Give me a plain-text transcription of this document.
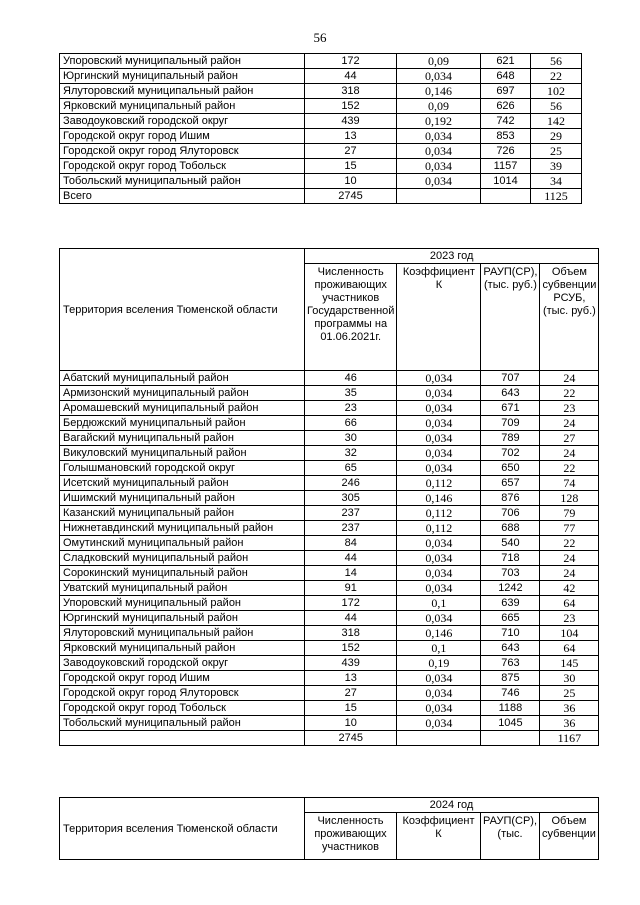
56
Упоровский муниципальный район	172	0,09	621	56
Юргинский муниципальный район	44	0,034	648	22
Ялуторовский муниципальный район	318	0,146	697	102
Ярковский муниципальный район	152	0,09	626	56
Заводоуковский городской округ	439	0,192	742	142
Городской округ город Ишим	13	0,034	853	29
Городской округ город Ялуторовск	27	0,034	726	25
Городской округ город Тобольск	15	0,034	1157	39
Тобольский муниципальный район	10	0,034	1014	34
Всего	2745			1125
Территория вселения Тюменской области	2023 год			
	Численность проживающих участников Государственной программы на 01.06.2021г.	Коэффициент К	РАУП(СР), (тыс. руб.)	Объем субвенции РСУБ, (тыс. руб.)
Абатский муниципальный район	46	0,034	707	24
Армизонский муниципальный район	35	0,034	643	22
Аромашевский муниципальный район	23	0,034	671	23
Бердюжский муниципальный район	66	0,034	709	24
Вагайский муниципальный район	30	0,034	789	27
Викуловский муниципальный район	32	0,034	702	24
Голышмановский городской округ	65	0,034	650	22
Исетский муниципальный район	246	0,112	657	74
Ишимский муниципальный район	305	0,146	876	128
Казанский муниципальный район	237	0,112	706	79
Нижнетавдинский муниципальный район	237	0,112	688	77
Омутинский муниципальный район	84	0,034	540	22
Сладковский муниципальный район	44	0,034	718	24
Сорокинский муниципальный район	14	0,034	703	24
Уватский муниципальный район	91	0,034	1242	42
Упоровский муниципальный район	172	0,1	639	64
Юргинский муниципальный район	44	0,034	665	23
Ялуторовский муниципальный район	318	0,146	710	104
Ярковский муниципальный район	152	0,1	643	64
Заводоуковский городской округ	439	0,19	763	145
Городской округ город Ишим	13	0,034	875	30
Городской округ город Ялуторовск	27	0,034	746	25
Городской округ город Тобольск	15	0,034	1188	36
Тобольский муниципальный район	10	0,034	1045	36
	2745			1167
Территория вселения Тюменской области	2024 год			
	Численность проживающих участников	Коэффициент К	РАУП(СР), (тыс.	Объем субвенции
